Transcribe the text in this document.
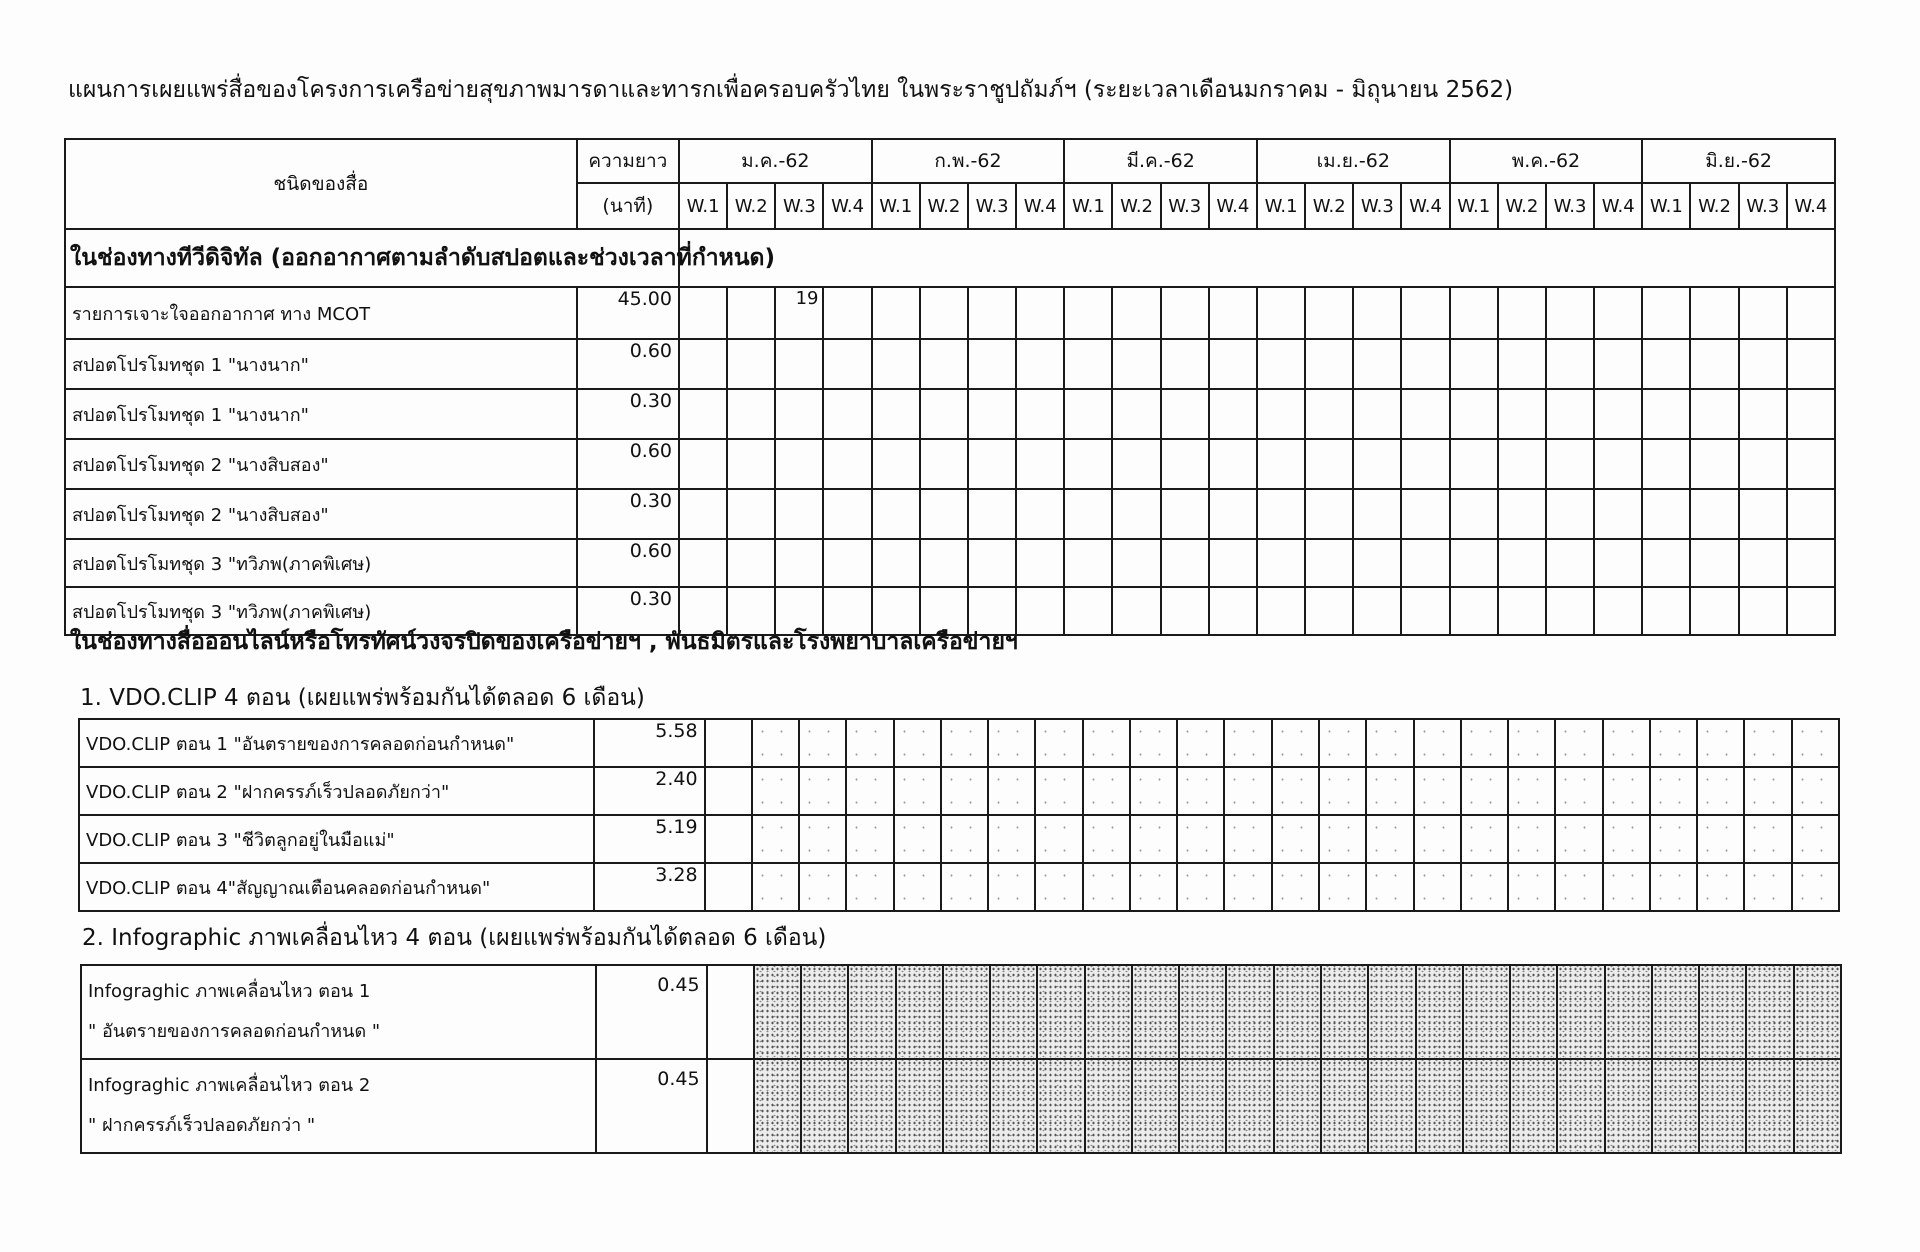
แผนการเผยแพร่สื่อของโครงการเครือข่ายสุขภาพมารดาและทารกเพื่อครอบครัวไทย ในพระราชูปถัมภ์ฯ (ระยะเวลาเดือนมกราคม - มิถุนายน 2562)
ชนิดของสื่อ	ความยาว	ม.ค.-62				ก.พ.-62				มี.ค.-62				เม.ย.-62				พ.ค.-62				มิ.ย.-62			
	(นาที)	W.1	W.2	W.3	W.4	W.1	W.2	W.3	W.4	W.1	W.2	W.3	W.4	W.1	W.2	W.3	W.4	W.1	W.2	W.3	W.4	W.1	W.2	W.3	W.4
ในช่องทางทีวีดิจิทัล (ออกอากาศตามลำดับสปอตและช่วงเวลาที่กำหนด)																									
รายการเจาะใจออกอากาศ ทาง MCOT	45.00			19																					
สปอตโปรโมทชุด 1 "นางนาก"	0.60																								
สปอตโปรโมทชุด 1 "นางนาก"	0.30																								
สปอตโปรโมทชุด 2 "นางสิบสอง"	0.60																								
สปอตโปรโมทชุด 2 "นางสิบสอง"	0.30																								
สปอตโปรโมทชุด 3 "ทวิภพ(ภาคพิเศษ)	0.60																								
สปอตโปรโมทชุด 3 "ทวิภพ(ภาคพิเศษ)	0.30																								
ในช่องทางสื่อออนไลน์หรือโทรทัศน์วงจรปิดของเครือข่ายฯ , พันธมิตรและโรงพยาบาลเครือข่ายฯ
1. VDO.CLIP 4 ตอน (เผยแพร่พร้อมกันได้ตลอด 6 เดือน)
VDO.CLIP ตอน 1 "อันตรายของการคลอดก่อนกำหนด"	5.58																								
VDO.CLIP ตอน 2 "ฝากครรภ์เร็วปลอดภัยกว่า"	2.40																								
VDO.CLIP ตอน 3 "ชีวิตลูกอยู่ในมือแม่"	5.19																								
VDO.CLIP ตอน 4"สัญญาณเตือนคลอดก่อนกำหนด"	3.28																								
2. Infographic ภาพเคลื่อนไหว 4 ตอน (เผยแพร่พร้อมกันได้ตลอด 6 เดือน)
Infograghic ภาพเคลื่อนไหว ตอน 1
" อันตรายของการคลอดก่อนกำหนด "	0.45																								

Infograghic ภาพเคลื่อนไหว ตอน 2
" ฝากครรภ์เร็วปลอดภัยกว่า "	0.45																								
